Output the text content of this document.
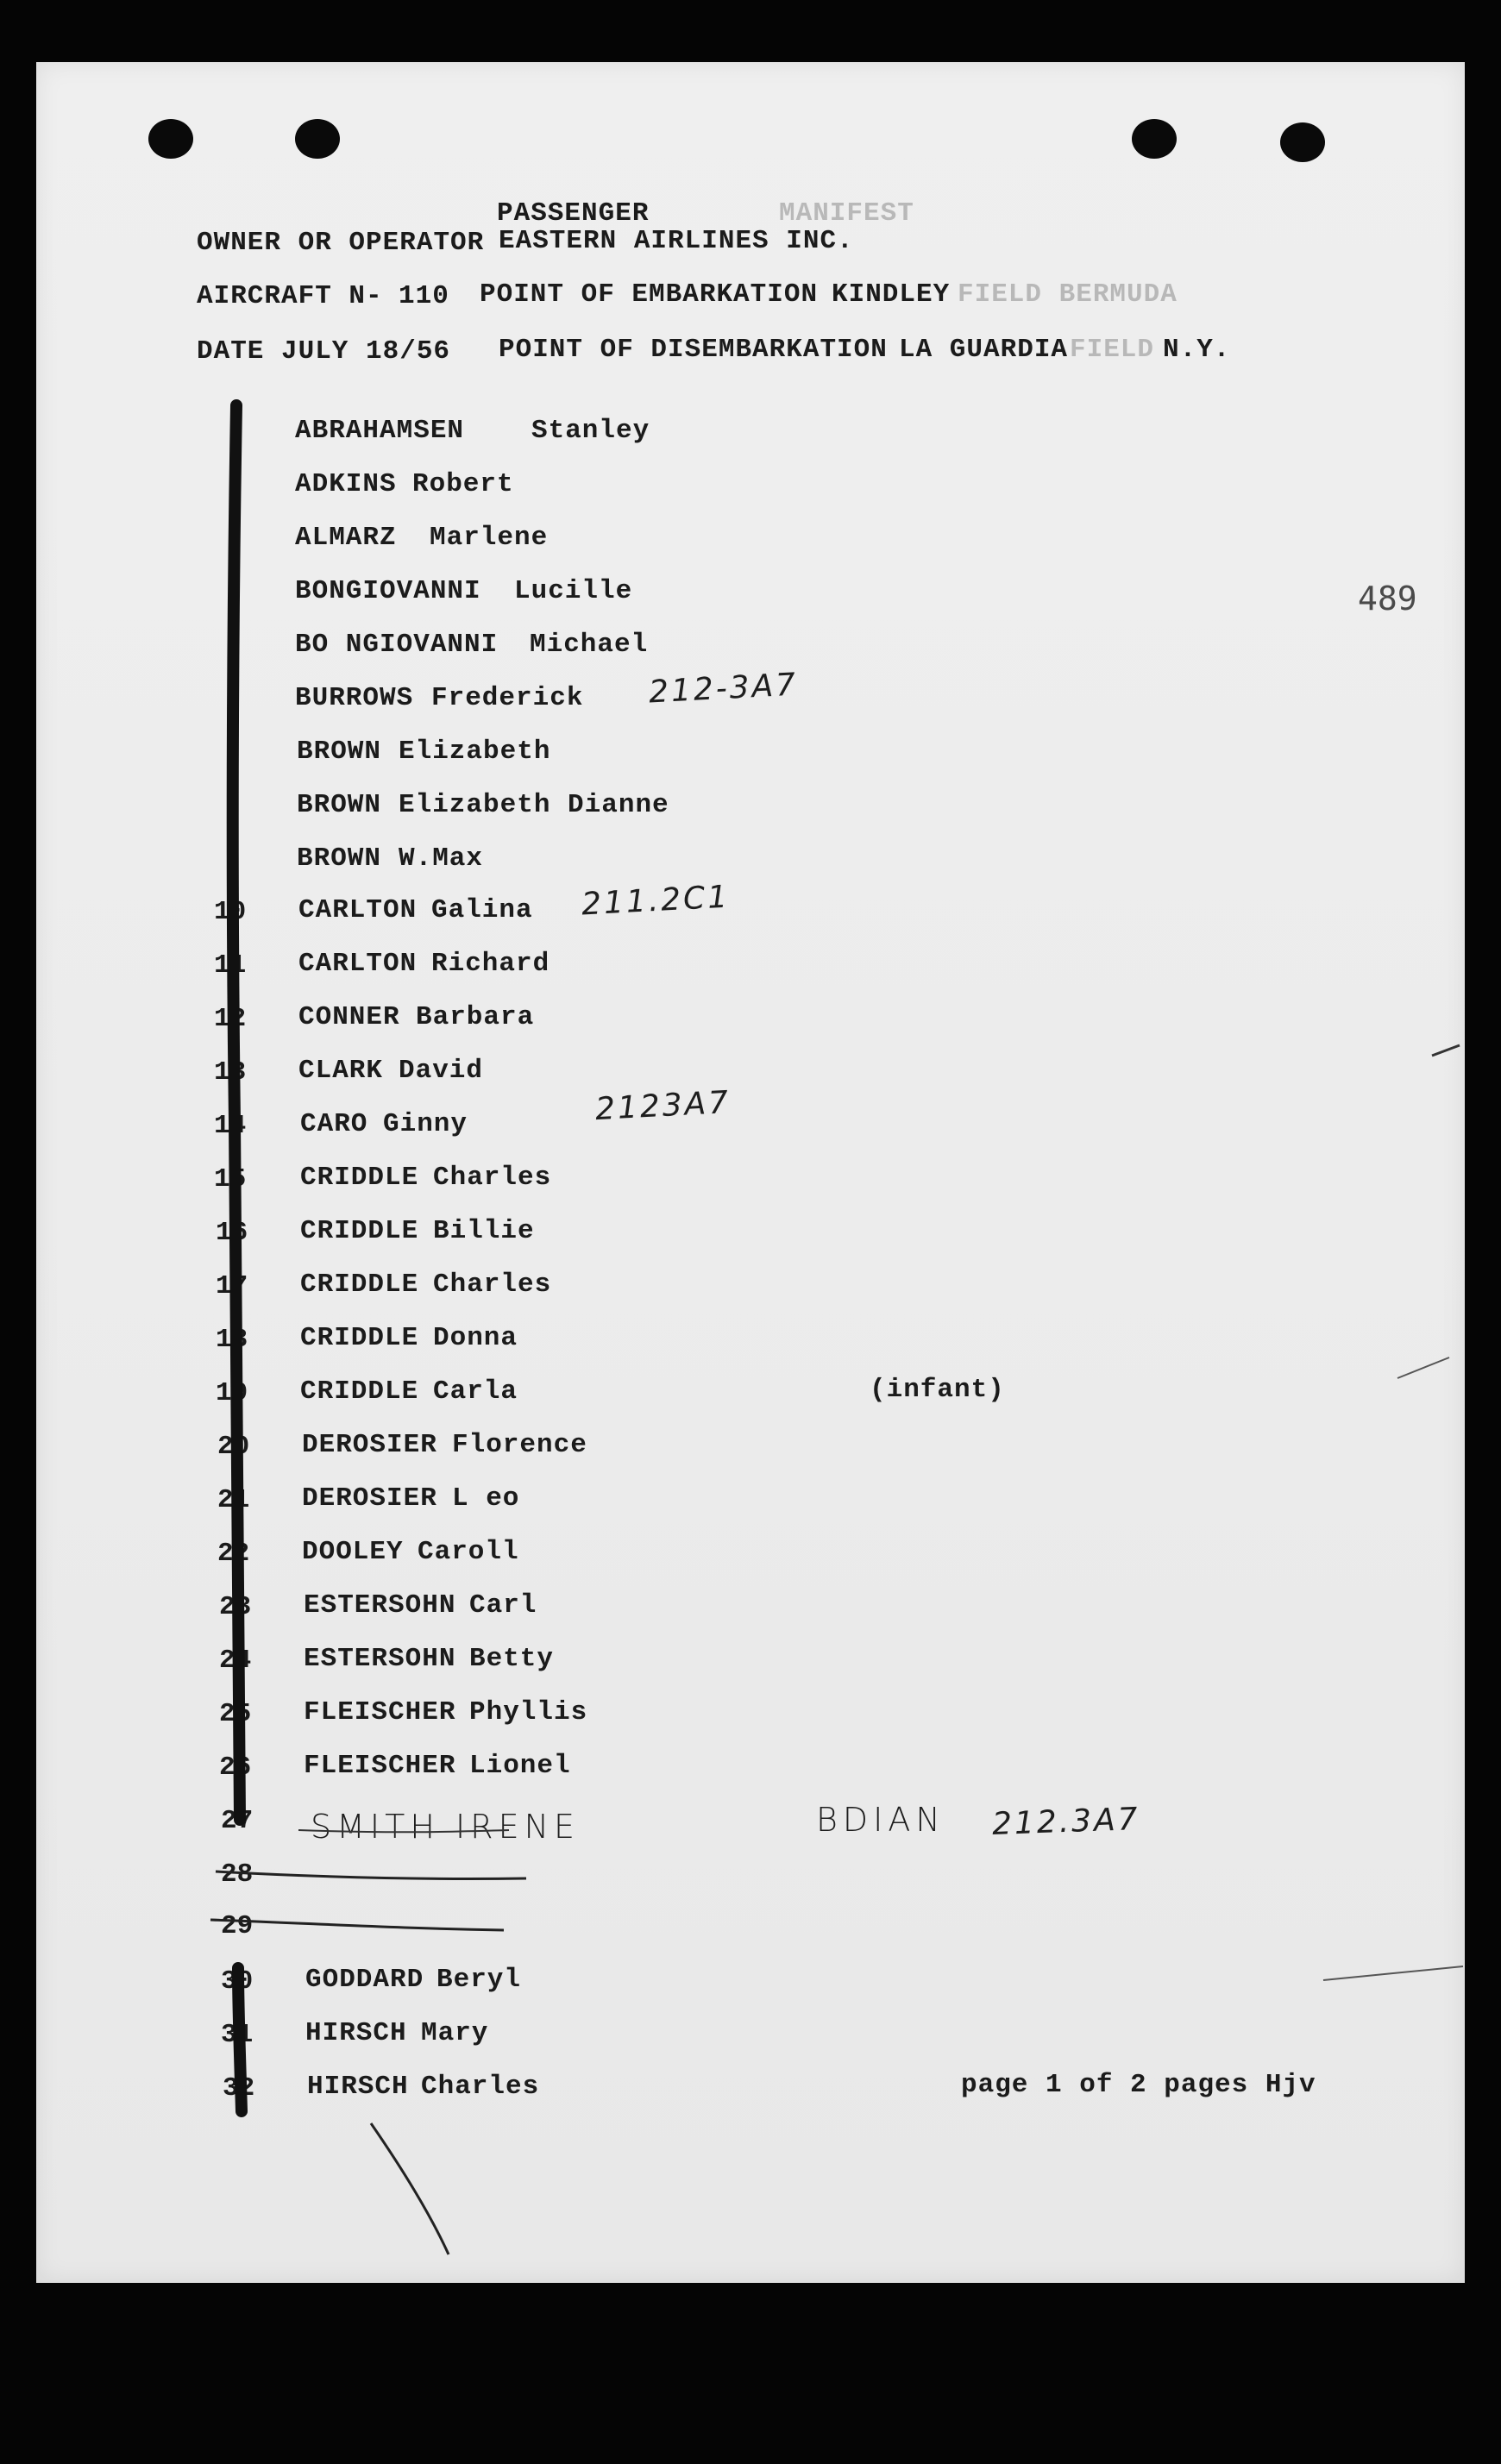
PASSENGER	MANIFEST
OWNER OR OPERATOR EASTERN AIRLINES INC.
AIRCRAFT N- 110 POINT OF EMBARKATION KINDLEY FIELD BERMUDA
DATE JULY 18/56 POINT OF DISEMBARKATION LA GUARDIA FIELD N.Y.
489
ABRAHAMSEN	Stanley
ADKINS Robert
ALMARZ Marlene
BONGIOVANNI Lucille
BO NGIOVANNI Michael
BURROWS Frederick 212-3A7
BROWN Elizabeth
BROWN Elizabeth Dianne
BROWN W.Max
10 CARLTON Galina 211.2C1
11 CARLTON Richard
12 CONNER Barbara
13 CLARK David
14 CARO Ginny	2123A7
15 CRIDDLE Charles
16 CRIDDLE Billie
17 CRIDDLE Charles
18 CRIDDLE Donna
19 CRIDDLE Carla	(infant)
20 DEROSIER Florence
21 DEROSIER L eo
22 DOOLEY Caroll
23 ESTERSOHN Carl
24 ESTERSOHN Betty
25 FLEISCHER Phyllis
26 FLEISCHER Lionel
27 SMITH IRENE	BDIAN 212.3A7
28
29
30 GODDARD Beryl
31 HIRSCH Mary
32 HIRSCH Charles	page 1 of 2 pages Hjv
